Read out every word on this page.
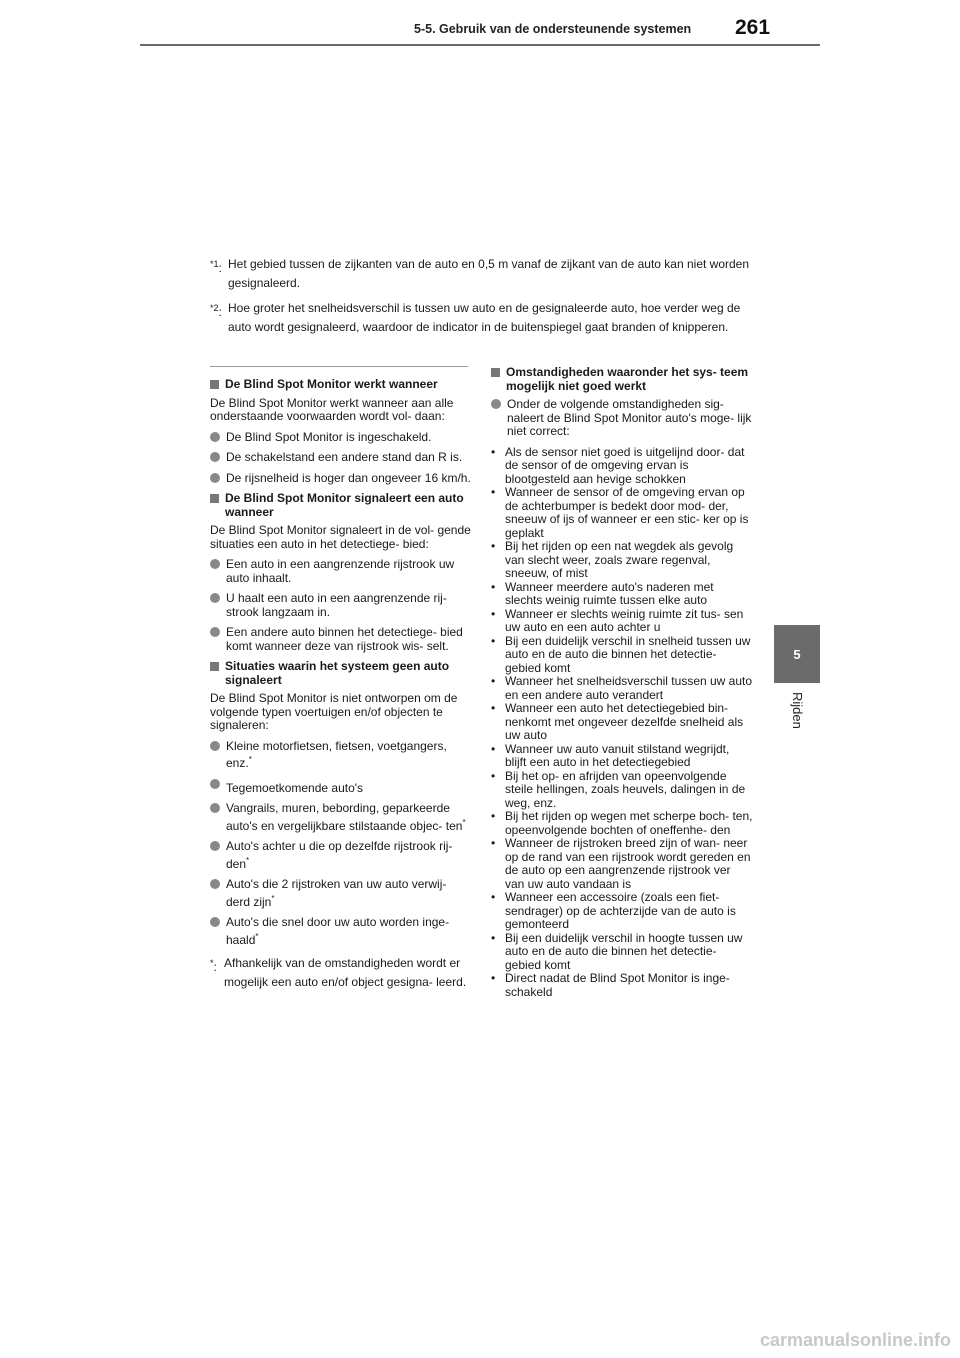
5-5. Gebruik van de ondersteunende systemen 261
5
Rijden
$^{*1}$: Het gebied tussen de zijkanten van de auto en 0,5 m vanaf de zijkant van de auto kan niet worden gesignaleerd.
$^{*2}$: Hoe groter het snelheidsverschil is tussen uw auto en de gesignaleerde auto, hoe verder weg de auto wordt gesignaleerd, waardoor de indicator in de buitenspiegel gaat branden of knipperen.
De Blind Spot Monitor werkt wanneer
De Blind Spot Monitor werkt wanneer aan alle onderstaande voorwaarden wordt vol- daan:
De Blind Spot Monitor is ingeschakeld.
De schakelstand een andere stand dan R is.
De rijsnelheid is hoger dan ongeveer 16 km/h.
De Blind Spot Monitor signaleert een auto wanneer
De Blind Spot Monitor signaleert in de vol- gende situaties een auto in het detectiege- bied:
Een auto in een aangrenzende rijstrook uw auto inhaalt.
U haalt een auto in een aangrenzende rij- strook langzaam in.
Een andere auto binnen het detectiege- bied komt wanneer deze van rijstrook wis- selt.
Situaties waarin het systeem geen auto signaleert
De Blind Spot Monitor is niet ontworpen om de volgende typen voertuigen en/of objecten te signaleren:
Kleine motorfietsen, fietsen, voetgangers, enz.*
Tegemoetkomende auto's
Vangrails, muren, bebording, geparkeerde auto's en vergelijkbare stilstaande objec- ten*
Auto's achter u die op dezelfde rijstrook rij- den*
Auto's die 2 rijstroken van uw auto verwij- derd zijn*
Auto's die snel door uw auto worden inge- haald*
*: Afhankelijk van de omstandigheden wordt er mogelijk een auto en/of object gesigna- leerd.
Omstandigheden waaronder het sys- teem mogelijk niet goed werkt
Onder de volgende omstandigheden sig- naleert de Blind Spot Monitor auto's moge- lijk niet correct:
• Als de sensor niet goed is uitgelijnd door- dat de sensor of de omgeving ervan is blootgesteld aan hevige schokken
• Wanneer de sensor of de omgeving ervan op de achterbumper is bedekt door mod- der, sneeuw of ijs of wanneer er een stic- ker op is geplakt
• Bij het rijden op een nat wegdek als gevolg van slecht weer, zoals zware regenval, sneeuw, of mist
• Wanneer meerdere auto's naderen met slechts weinig ruimte tussen elke auto
• Wanneer er slechts weinig ruimte zit tus- sen uw auto en een auto achter u
• Bij een duidelijk verschil in snelheid tussen uw auto en de auto die binnen het detectie- gebied komt
• Wanneer het snelheidsverschil tussen uw auto en een andere auto verandert
• Wanneer een auto het detectiegebied bin- nenkomt met ongeveer dezelfde snelheid als uw auto
• Wanneer uw auto vanuit stilstand wegrijdt, blijft een auto in het detectiegebied
• Bij het op- en afrijden van opeenvolgende steile hellingen, zoals heuvels, dalingen in de weg, enz.
• Bij het rijden op wegen met scherpe boch- ten, opeenvolgende bochten of oneffenhe- den
• Wanneer de rijstroken breed zijn of wan- neer op de rand van een rijstrook wordt gereden en de auto op een aangrenzende rijstrook ver van uw auto vandaan is
• Wanneer een accessoire (zoals een fiet- sendrager) op de achterzijde van de auto is gemonteerd
• Bij een duidelijk verschil in hoogte tussen uw auto en de auto die binnen het detectie- gebied komt
• Direct nadat de Blind Spot Monitor is inge- schakeld
carmanualsonline.info
